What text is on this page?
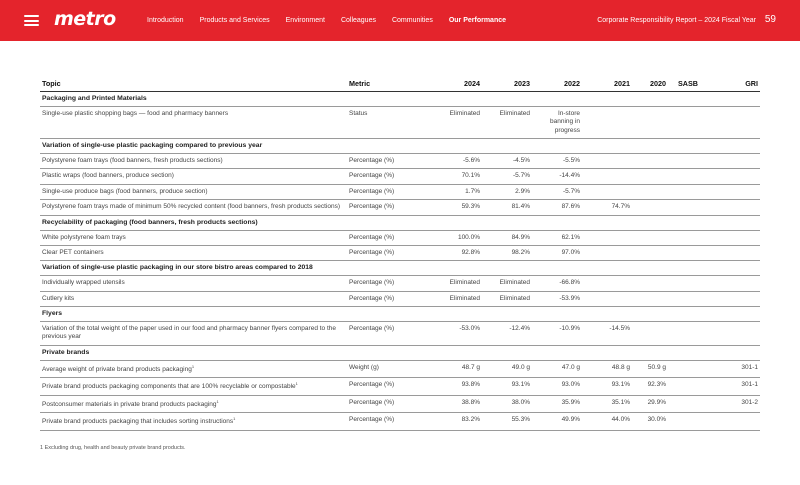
metro	Introduction Products and Services Environment Colleagues Communities Our Performance	Corporate Responsibility Report – 2024 Fiscal Year 59
Topic	Metric	2024	2023	2022	2021	2020	SASB	GRI
Packaging and Printed Materials								
Single-use plastic shopping bags — food and pharmacy banners	Status	Eliminated	Eliminated	In-store banning in progress				
Variation of single-use plastic packaging compared to previous year								
Polystyrene foam trays (food banners, fresh products sections)	Percentage (%)	-5.6%	-4.5%	-5.5%				
Plastic wraps (food banners, produce section)	Percentage (%)	70.1%	-5.7%	-14.4%				
Single-use produce bags (food banners, produce section)	Percentage (%)	1.7%	2.9%	-5.7%				
Polystyrene foam trays made of minimum 50% recycled content (food banners, fresh products sections)	Percentage (%)	59.3%	81.4%	87.6%	74.7%			
Recyclability of packaging (food banners, fresh products sections)								
White polystyrene foam trays	Percentage (%)	100.0%	84.9%	62.1%				
Clear PET containers	Percentage (%)	92.8%	98.2%	97.0%				
Variation of single-use plastic packaging in our store bistro areas compared to 2018								
Individually wrapped utensils	Percentage (%)	Eliminated	Eliminated	-66.8%				
Cutlery kits	Percentage (%)	Eliminated	Eliminated	-53.9%				
Flyers								
Variation of the total weight of the paper used in our food and pharmacy banner flyers compared to the previous year	Percentage (%)	-53.0%	-12.4%	-10.9%	-14.5%			
Private brands								
Average weight of private brand products packaging$^1$	Weight (g)	48.7 g	49.0 g	47.0 g	48.8 g	50.9 g		301-1
Private brand products packaging components that are 100% recyclable or compostable$^1$	Percentage (%)	93.8%	93.1%	93.0%	93.1%	92.3%		301-1
Postconsumer materials in private brand products packaging$^1$	Percentage (%)	38.8%	38.0%	35.9%	35.1%	29.9%		301-2
Private brand products packaging that includes sorting instructions$^1$	Percentage (%)	83.2%	55.3%	49.9%	44.0%	30.0%		
1 Excluding drug, health and beauty private brand products.
